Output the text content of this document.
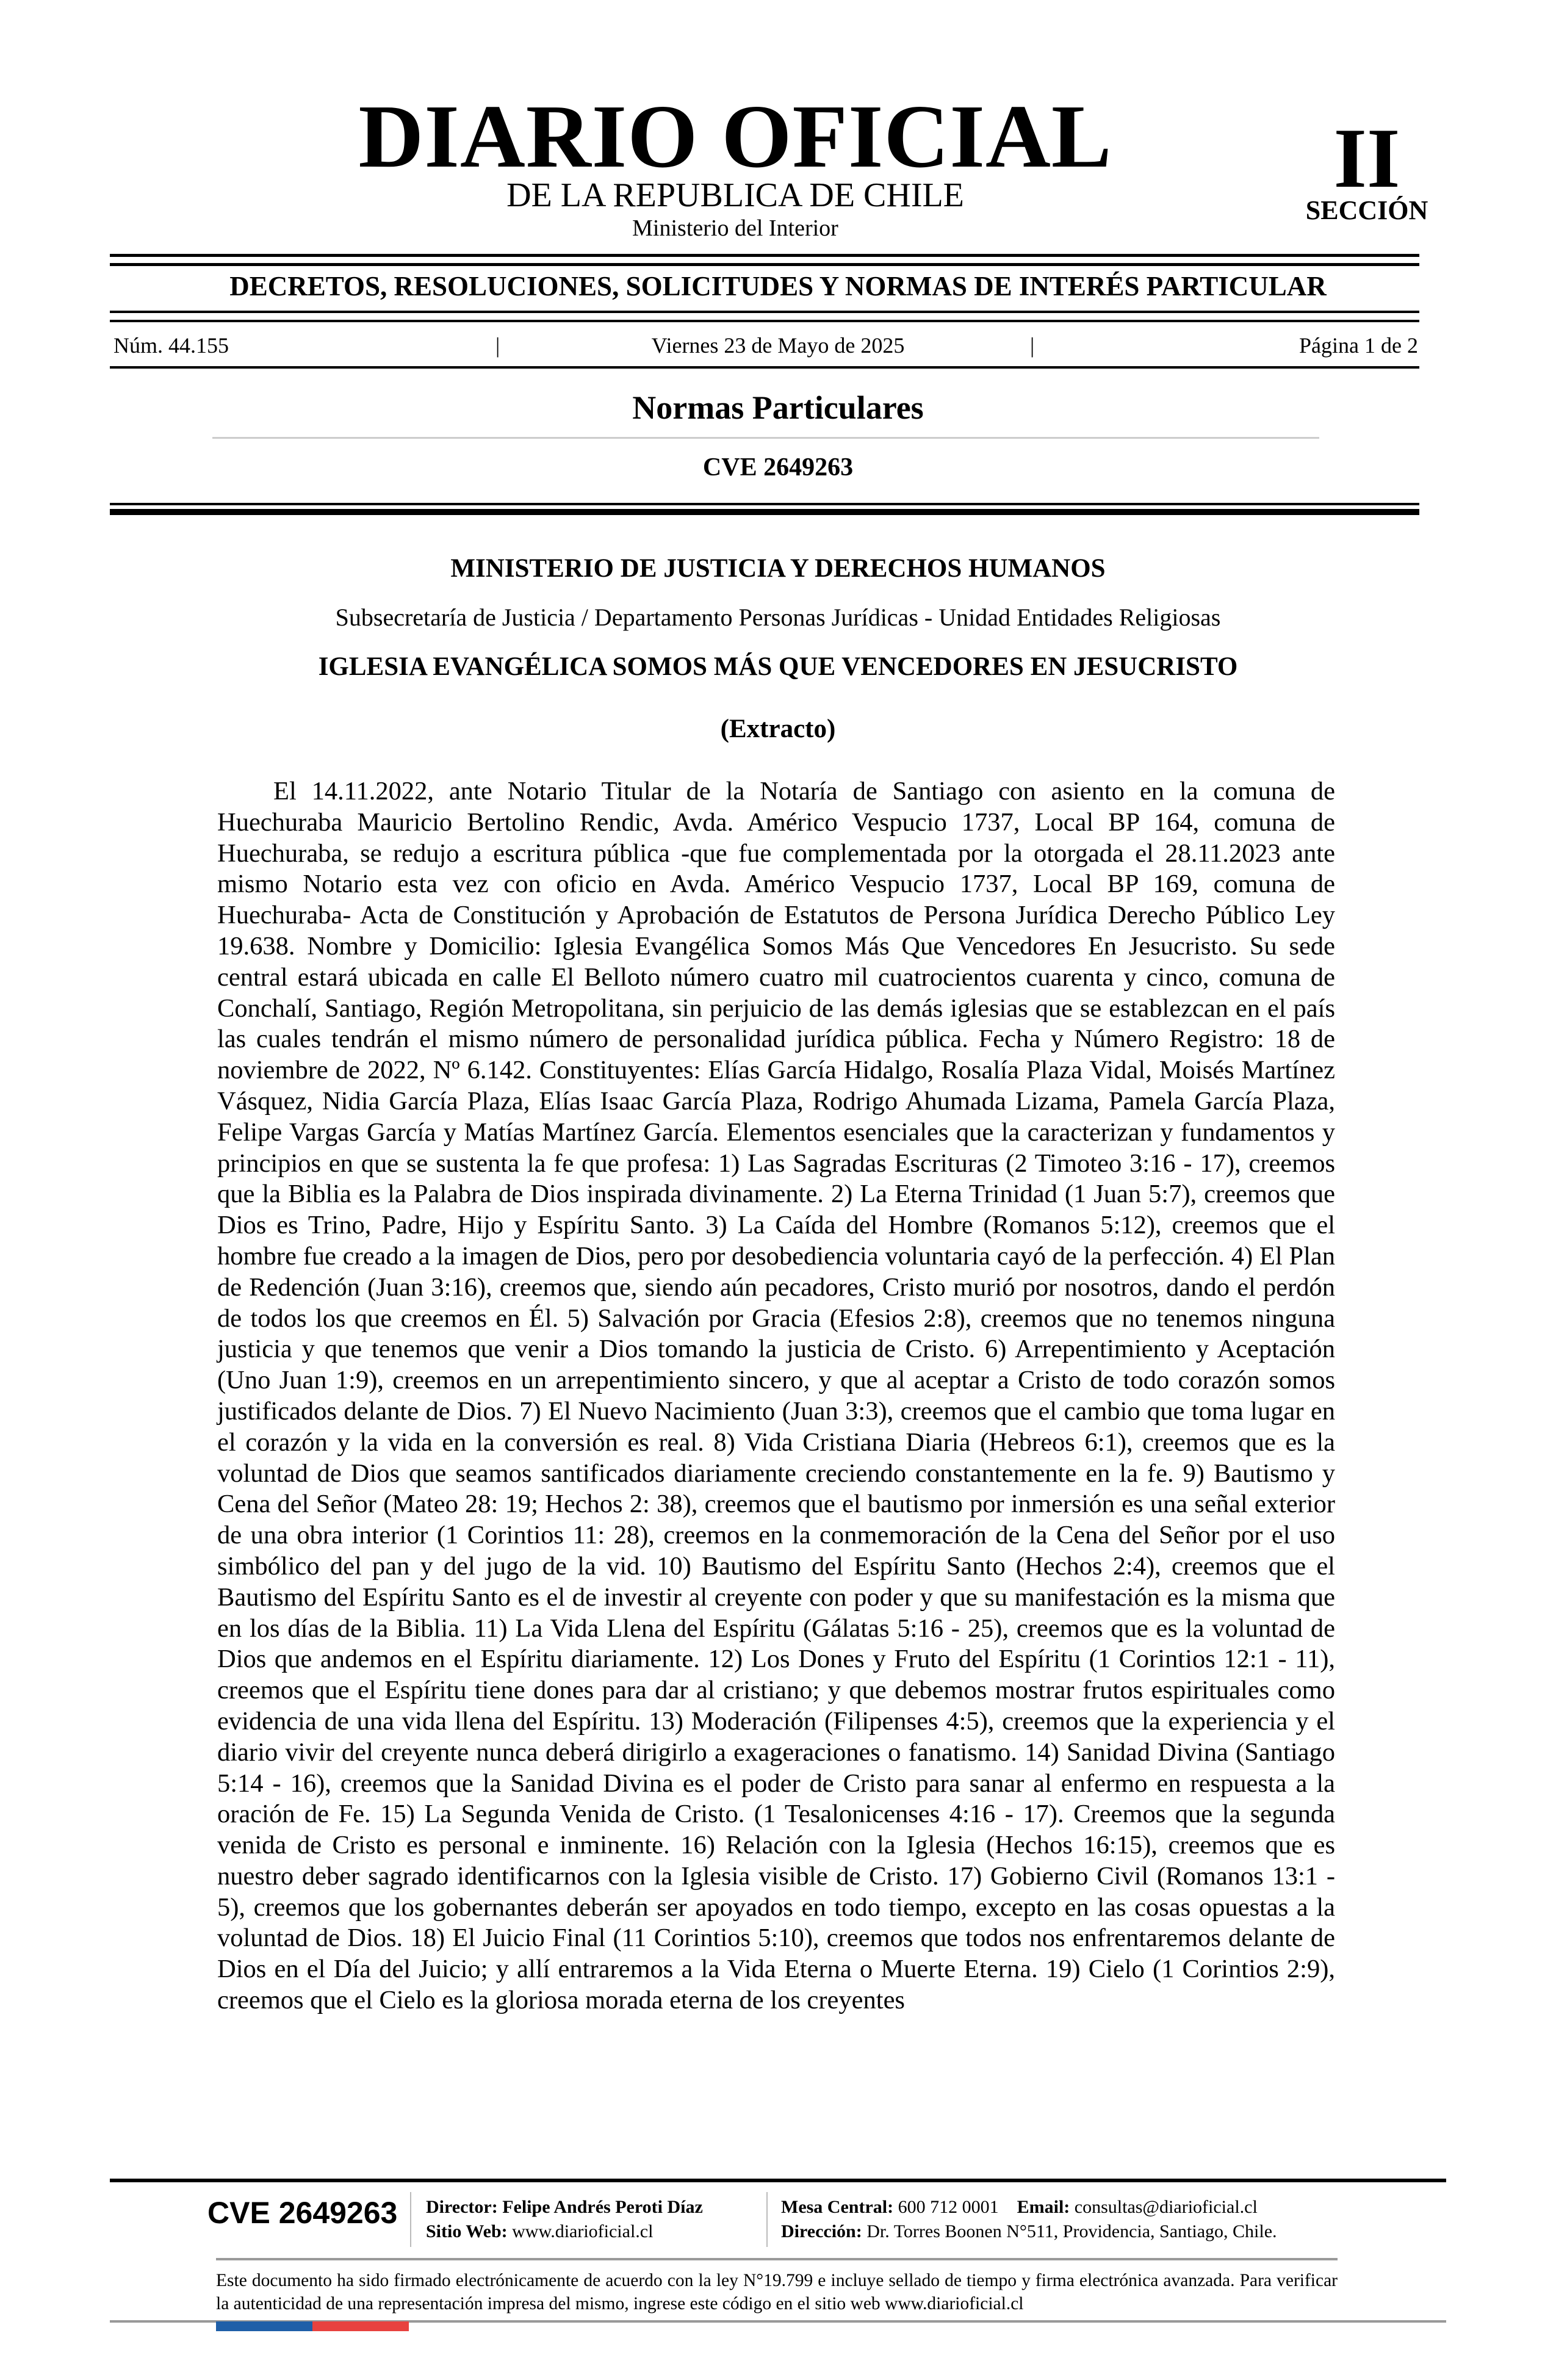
DIARIO OFICIAL
DE LA REPUBLICA DE CHILE
Ministerio del Interior
II
SECCIÓN
DECRETOS, RESOLUCIONES, SOLICITUDES Y NORMAS DE INTERÉS PARTICULAR
Núm. 44.155	|	Viernes 23 de Mayo de 2025	|	Página 1 de 2
Normas Particulares
CVE 2649263
MINISTERIO DE JUSTICIA Y DERECHOS HUMANOS
Subsecretaría de Justicia / Departamento Personas Jurídicas - Unidad Entidades Religiosas
IGLESIA EVANGÉLICA SOMOS MÁS QUE VENCEDORES EN JESUCRISTO
(Extracto)

El 14.11.2022, ante Notario Titular de la Notaría de Santiago con asiento en la comuna de Huechuraba Mauricio Bertolino Rendic, Avda. Américo Vespucio 1737, Local BP 164, comuna de Huechuraba, se redujo a escritura pública -que fue complementada por la otorgada el 28.11.2023 ante mismo Notario esta vez con oficio en Avda. Américo Vespucio 1737, Local BP 169, comuna de Huechuraba- Acta de Constitución y Aprobación de Estatutos de Persona Jurídica Derecho Público Ley 19.638. Nombre y Domicilio: Iglesia Evangélica Somos Más Que Vencedores En Jesucristo. Su sede central estará ubicada en calle El Belloto número cuatro mil cuatrocientos cuarenta y cinco, comuna de Conchalí, Santiago, Región Metropolitana, sin perjuicio de las demás iglesias que se establezcan en el país las cuales tendrán el mismo número de personalidad jurídica pública. Fecha y Número Registro: 18 de noviembre de 2022, Nº 6.142. Constituyentes: Elías García Hidalgo, Rosalía Plaza Vidal, Moisés Martínez Vásquez, Nidia García Plaza, Elías Isaac García Plaza, Rodrigo Ahumada Lizama, Pamela García Plaza, Felipe Vargas García y Matías Martínez García. Elementos esenciales que la caracterizan y fundamentos y principios en que se sustenta la fe que profesa: 1) Las Sagradas Escrituras (2 Timoteo 3:16 - 17), creemos que la Biblia es la Palabra de Dios inspirada divinamente. 2) La Eterna Trinidad (1 Juan 5:7), creemos que Dios es Trino, Padre, Hijo y Espíritu Santo. 3) La Caída del Hombre (Romanos 5:12), creemos que el hombre fue creado a la imagen de Dios, pero por desobediencia voluntaria cayó de la perfección. 4) El Plan de Redención (Juan 3:16), creemos que, siendo aún pecadores, Cristo murió por nosotros, dando el perdón de todos los que creemos en Él. 5) Salvación por Gracia (Efesios 2:8), creemos que no tenemos ninguna justicia y que tenemos que venir a Dios tomando la justicia de Cristo. 6) Arrepentimiento y Aceptación (Uno Juan 1:9), creemos en un arrepentimiento sincero, y que al aceptar a Cristo de todo corazón somos justificados delante de Dios. 7) El Nuevo Nacimiento (Juan 3:3), creemos que el cambio que toma lugar en el corazón y la vida en la conversión es real. 8) Vida Cristiana Diaria (Hebreos 6:1), creemos que es la voluntad de Dios que seamos santificados diariamente creciendo constantemente en la fe. 9) Bautismo y Cena del Señor (Mateo 28: 19; Hechos 2: 38), creemos que el bautismo por inmersión es una señal exterior de una obra interior (1 Corintios 11: 28), creemos en la conmemoración de la Cena del Señor por el uso simbólico del pan y del jugo de la vid. 10) Bautismo del Espíritu Santo (Hechos 2:4), creemos que el Bautismo del Espíritu Santo es el de investir al creyente con poder y que su manifestación es la misma que en los días de la Biblia. 11) La Vida Llena del Espíritu (Gálatas 5:16 - 25), creemos que es la voluntad de Dios que andemos en el Espíritu diariamente. 12) Los Dones y Fruto del Espíritu (1 Corintios 12:1 - 11), creemos que el Espíritu tiene dones para dar al cristiano; y que debemos mostrar frutos espirituales como evidencia de una vida llena del Espíritu. 13) Moderación (Filipenses 4:5), creemos que la experiencia y el diario vivir del creyente nunca deberá dirigirlo a exageraciones o fanatismo. 14) Sanidad Divina (Santiago 5:14 - 16), creemos que la Sanidad Divina es el poder de Cristo para sanar al enfermo en respuesta a la oración de Fe. 15) La Segunda Venida de Cristo. (1 Tesalonicenses 4:16 - 17). Creemos que la segunda venida de Cristo es personal e inminente. 16) Relación con la Iglesia (Hechos 16:15), creemos que es nuestro deber sagrado identificarnos con la Iglesia visible de Cristo. 17) Gobierno Civil (Romanos 13:1 - 5), creemos que los gobernantes deberán ser apoyados en todo tiempo, excepto en las cosas opuestas a la voluntad de Dios. 18) El Juicio Final (11 Corintios 5:10), creemos que todos nos enfrentaremos delante de Dios en el Día del Juicio; y allí entraremos a la Vida Eterna o Muerte Eterna. 19) Cielo (1 Corintios 2:9), creemos que el Cielo es la gloriosa morada eterna de los creyentes

CVE 2649263 Director: Felipe Andrés Peroti Díaz
Sitio Web: www.diarioficial.cl
Mesa Central: 600 712 0001 Email: consultas@diarioficial.cl
Dirección: Dr. Torres Boonen N°511, Providencia, Santiago, Chile.
Este documento ha sido firmado electrónicamente de acuerdo con la ley N°19.799 e incluye sellado de tiempo y firma electrónica avanzada. Para verificar la autenticidad de una representación impresa del mismo, ingrese este código en el sitio web www.diarioficial.cl
